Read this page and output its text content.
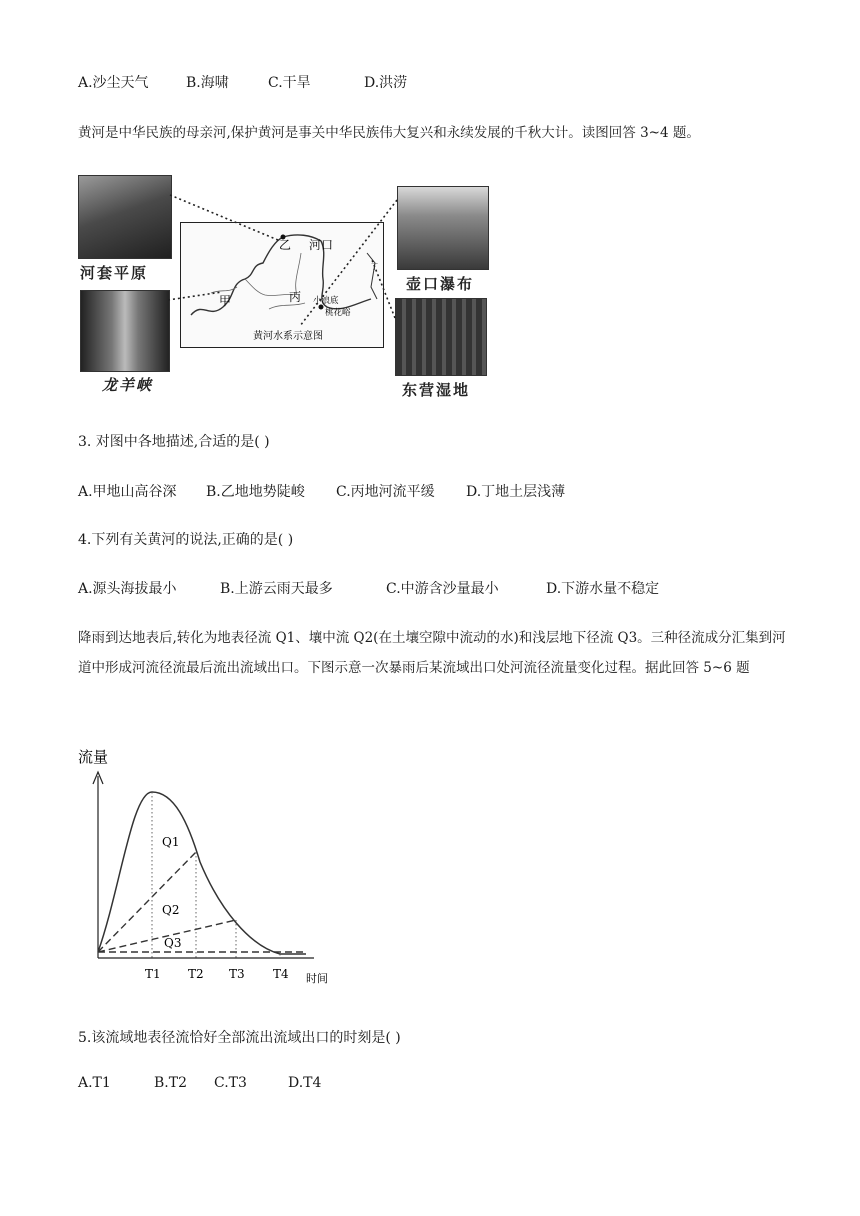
A.沙尘天气	B.海啸	C.干旱	D.洪涝
黄河是中华民族的母亲河,保护黄河是事关中华民族伟大复兴和永续发展的千秋大计。读图回答 3~4 题。
河套平原
龙羊峡
壶口瀑布
东营湿地
乙 河口
甲	丙 小浪底
桃花峪
丁
黄河水系示意图
3. 对图中各地描述,合适的是( )
A.甲地山高谷深 B.乙地地势陡峻 C.丙地河流平缓 D.丁地土层浅薄
4.下列有关黄河的说法,正确的是( )
A.源头海拔最小	B.上游云雨天最多	C.中游含沙量最小	D.下游水量不稳定
降雨到达地表后,转化为地表径流 Q1、壤中流 Q2(在土壤空隙中流动的水)和浅层地下径流 Q3。三种径流成分汇集到河道中形成河流径流最后流出流域出口。下图示意一次暴雨后某流域出口处河流径流量变化过程。据此回答 5~6 题
流量
时间
Q1
Q2
Q3
T1 T2 T3 T4
5.该流域地表径流恰好全部流出流域出口的时刻是( )
A.T1	B.T2 C.T3	D.T4
